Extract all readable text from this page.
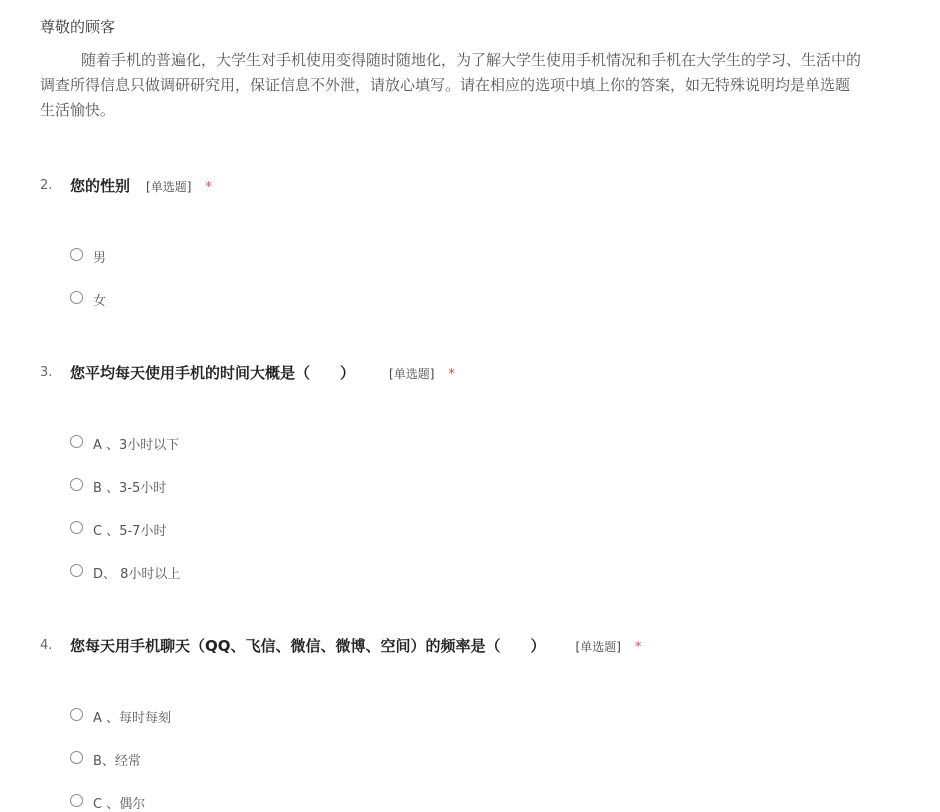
尊敬的顾客
随着手机的普遍化，大学生对手机使用变得随时随地化，为了解大学生使用手机情况和手机在大学生的学习、生活中的
调查所得信息只做调研研究用，保证信息不外泄，请放心填写。请在相应的选项中填上你的答案，如无特殊说明均是单选题
生活愉快。
2. 您的性别 [单选题] *
男
女
3. 您平均每天使用手机的时间大概是（　　）	[单选题] *
A 、3小时以下
B 、3-5小时
C 、5-7小时
D、 8小时以上
4. 您每天用手机聊天（QQ、飞信、微信、微博、空间）的频率是（　　）	[单选题] *
A 、每时每刻
B、经常
C 、偶尔
